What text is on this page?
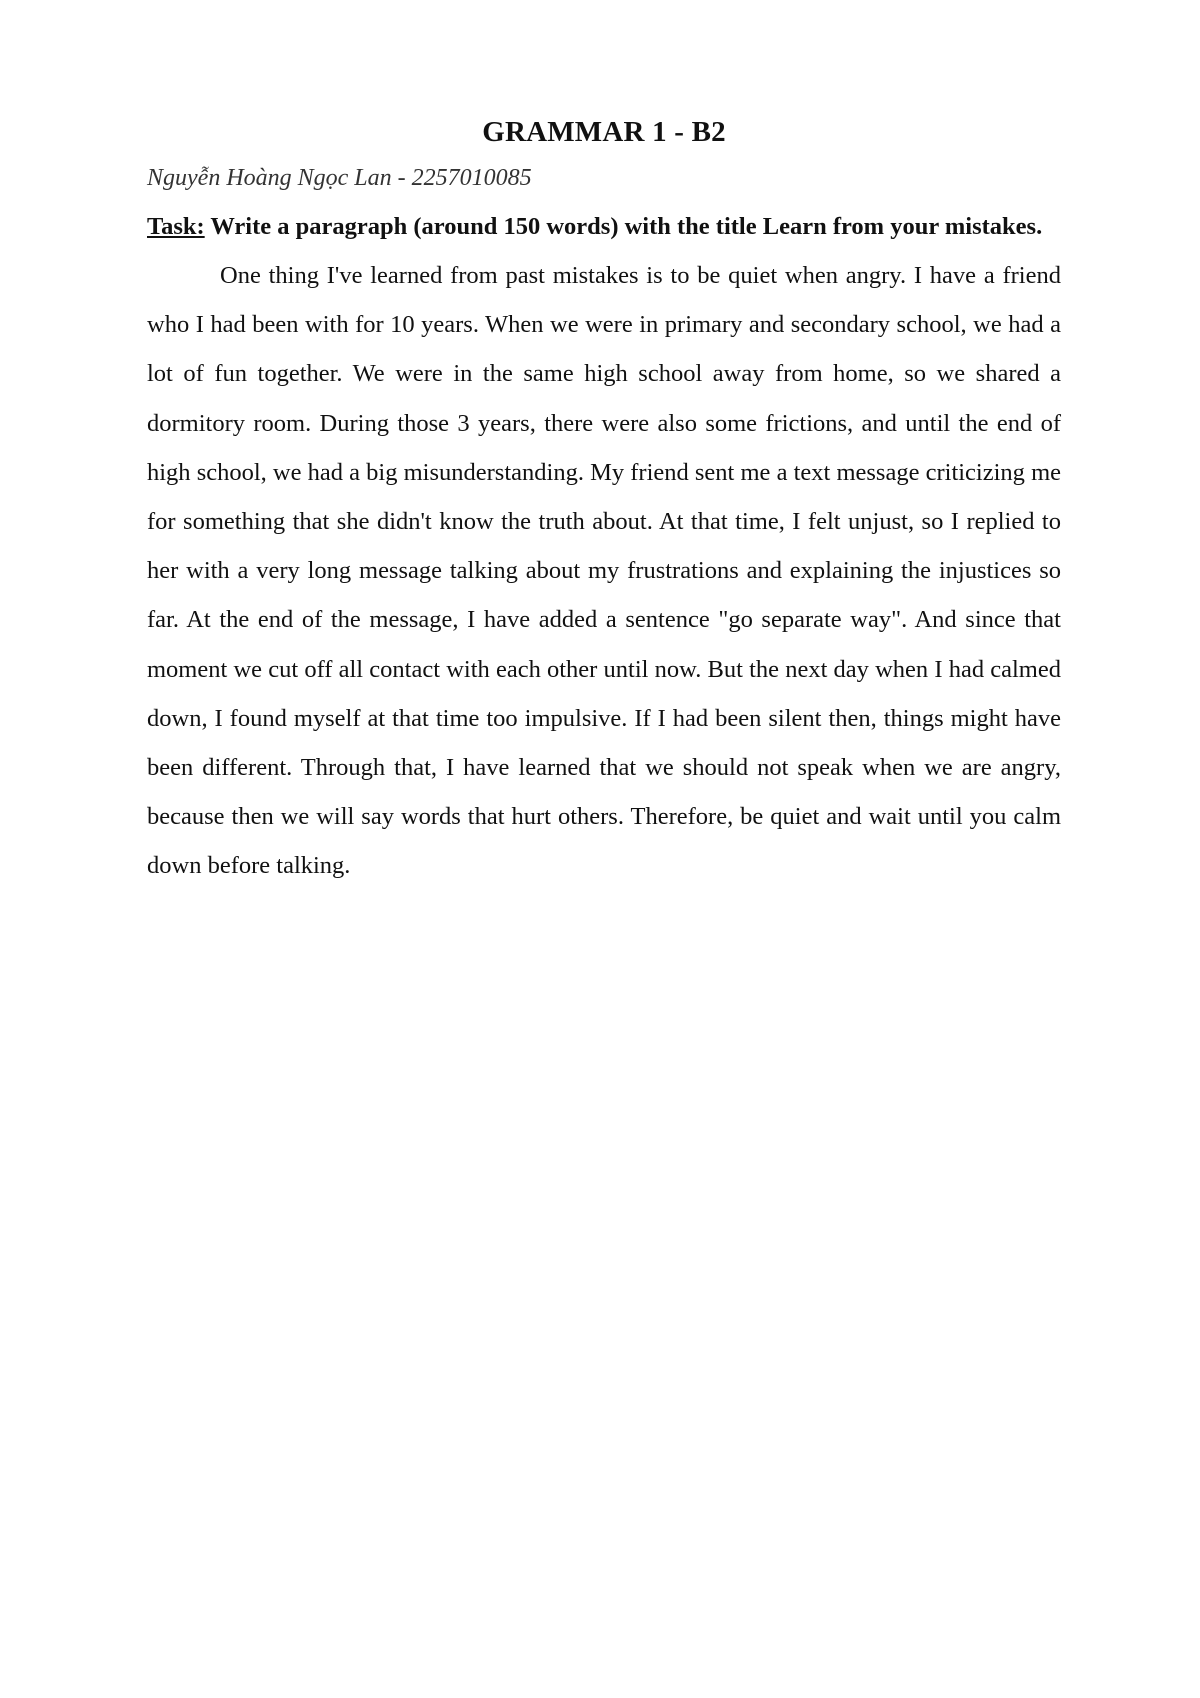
GRAMMAR 1 - B2

Nguyễn Hoàng Ngọc Lan - 2257010085

Task: Write a paragraph (around 150 words) with the title Learn from your mistakes.

One thing I've learned from past mistakes is to be quiet when angry. I have a friend who I had been with for 10 years. When we were in primary and secondary school, we had a lot of fun together. We were in the same high school away from home, so we shared a dormitory room. During those 3 years, there were also some frictions, and until the end of high school, we had a big misunderstanding. My friend sent me a text message criticizing me for something that she didn't know the truth about. At that time, I felt unjust, so I replied to her with a very long message talking about my frustrations and explaining the injustices so far. At the end of the message, I have added a sentence "go separate way". And since that moment we cut off all contact with each other until now. But the next day when I had calmed down, I found myself at that time too impulsive. If I had been silent then, things might have been different. Through that, I have learned that we should not speak when we are angry, because then we will say words that hurt others. Therefore, be quiet and wait until you calm down before talking.
